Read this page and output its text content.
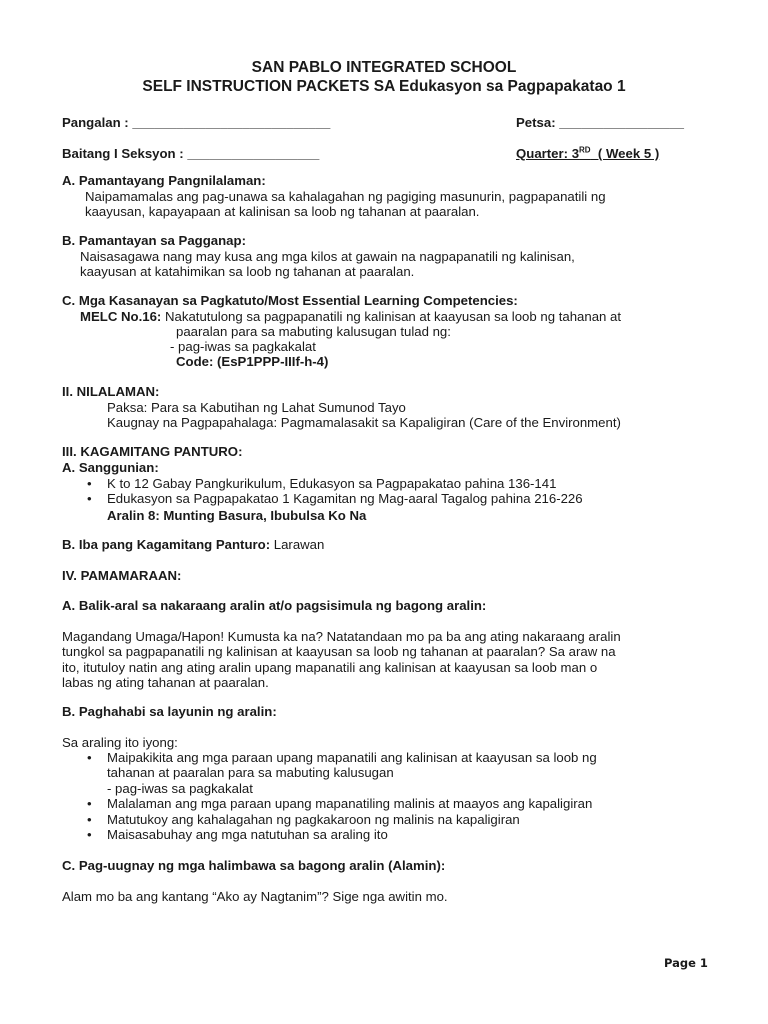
SAN PABLO INTEGRATED SCHOOL
SELF INSTRUCTION PACKETS SA Edukasyon sa Pagpapakatao 1
Pangalan : ___________________________	Petsa: _________________
Baitang I Seksyon : __________________	Quarter: 3RD  ( Week 5 )
A. Pamantayang Pangnilalaman:
Naipamamalas ang pag-unawa sa kahalagahan ng pagiging masunurin, pagpapanatili ng
kaayusan, kapayapaan at kalinisan sa loob ng tahanan at paaralan.
B. Pamantayan sa Pagganap:
Naisasagawa nang may kusa ang mga kilos at gawain na nagpapanatili ng kalinisan,
kaayusan at katahimikan sa loob ng tahanan at paaralan.
C. Mga Kasanayan sa Pagkatuto/Most Essential Learning Competencies:
MELC No.16: Nakatutulong sa pagpapanatili ng kalinisan at kaayusan sa loob ng tahanan at
paaralan para sa mabuting kalusugan tulad ng:
- pag-iwas sa pagkakalat
Code: (EsP1PPP-IIIf-h-4)
II. NILALAMAN:
Paksa: Para sa Kabutihan ng Lahat Sumunod Tayo
Kaugnay na Pagpapahalaga: Pagmamalasakit sa Kapaligiran (Care of the Environment)
III. KAGAMITANG PANTURO:
A. Sanggunian:
• K to 12 Gabay Pangkurikulum, Edukasyon sa Pagpapakatao pahina 136-141
• Edukasyon sa Pagpapakatao 1 Kagamitan ng Mag-aaral Tagalog pahina 216-226
Aralin 8: Munting Basura, Ibubulsa Ko Na
B. Iba pang Kagamitang Panturo: Larawan
IV. PAMAMARAAN:
A. Balik-aral sa nakaraang aralin at/o pagsisimula ng bagong aralin:
Magandang Umaga/Hapon! Kumusta ka na? Natatandaan mo pa ba ang ating nakaraang aralin
tungkol sa pagpapanatili ng kalinisan at kaayusan sa loob ng tahanan at paaralan? Sa araw na
ito, itutuloy natin ang ating aralin upang mapanatili ang kalinisan at kaayusan sa loob man o
labas ng ating tahanan at paaralan.
B. Paghahabi sa layunin ng aralin:
Sa araling ito iyong:
• Maipakikita ang mga paraan upang mapanatili ang kalinisan at kaayusan sa loob ng
tahanan at paaralan para sa mabuting kalusugan
- pag-iwas sa pagkakalat
• Malalaman ang mga paraan upang mapanatiling malinis at maayos ang kapaligiran
• Matutukoy ang kahalagahan ng pagkakaroon ng malinis na kapaligiran
• Maisasabuhay ang mga natutuhan sa araling ito
C. Pag-uugnay ng mga halimbawa sa bagong aralin (Alamin):
Alam mo ba ang kantang “Ako ay Nagtanim”? Sige nga awitin mo.
Page 1
